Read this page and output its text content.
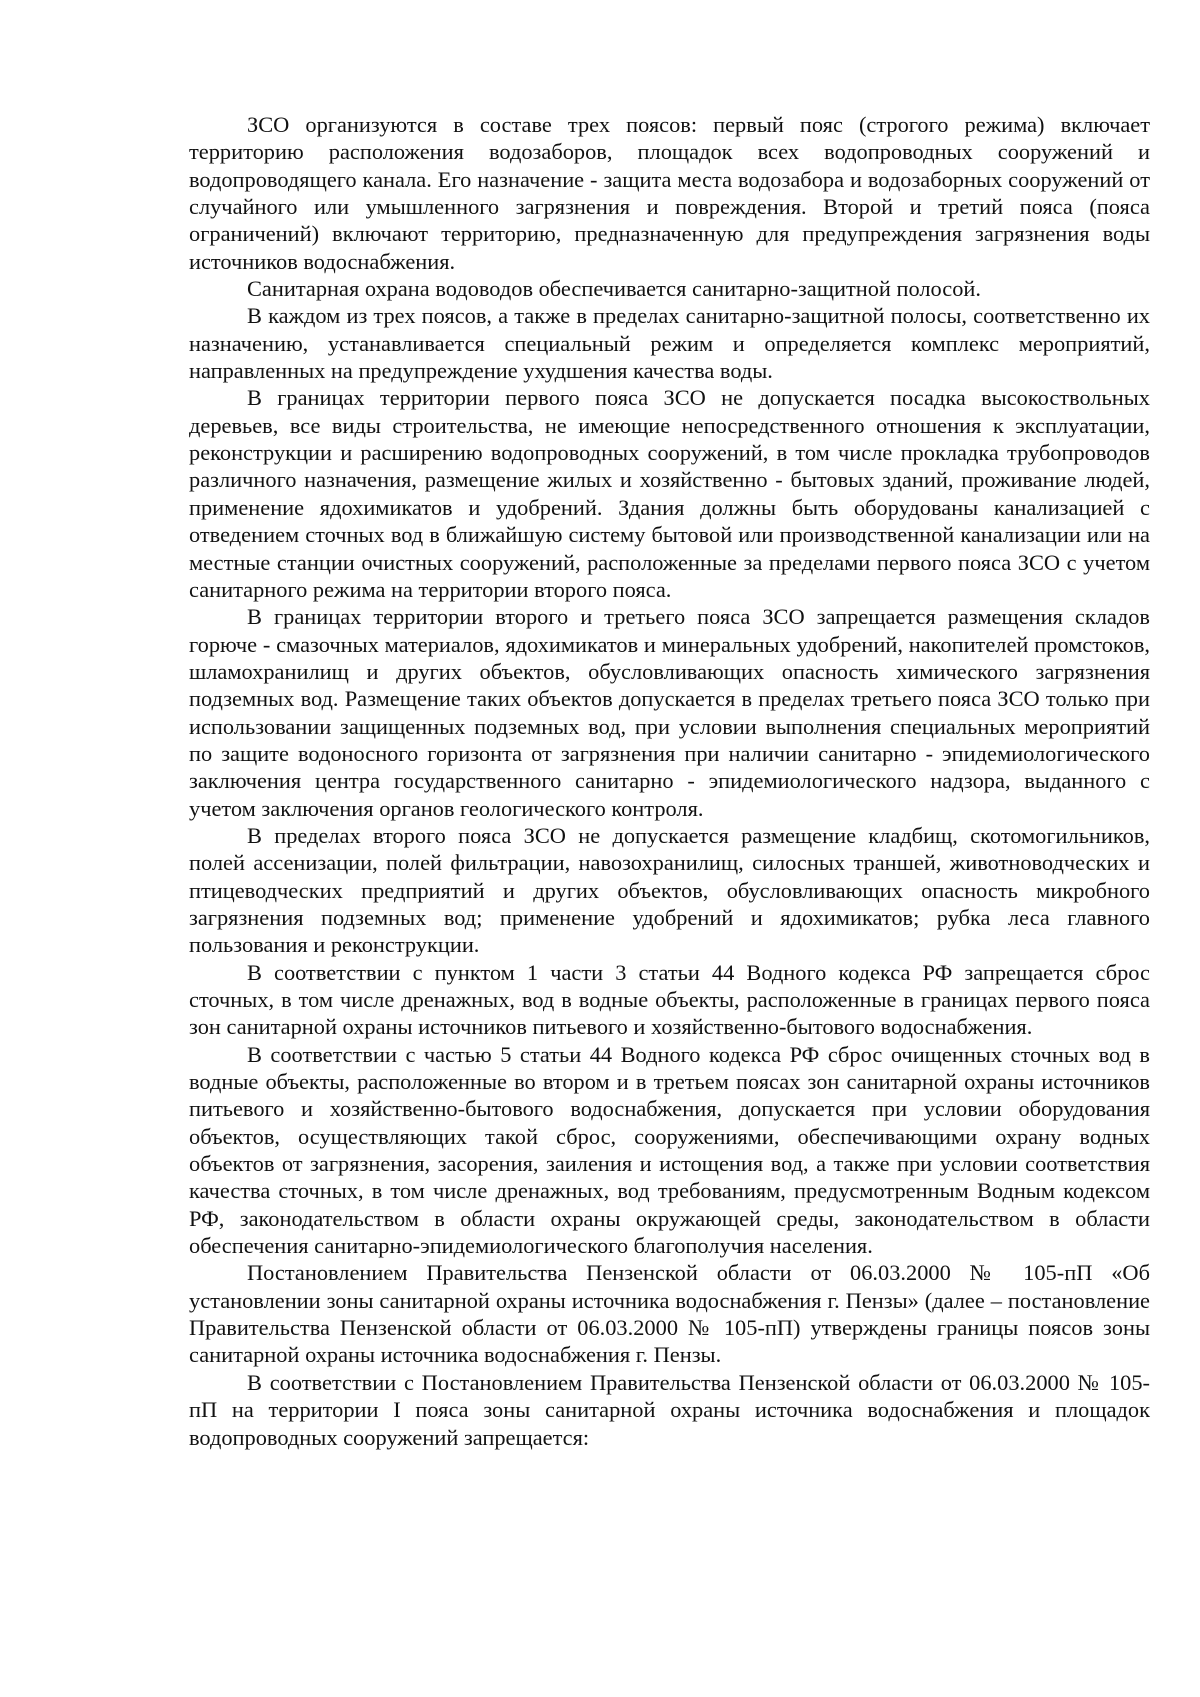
ЗСО организуются в составе трех поясов: первый пояс (строгого режима) включает территорию расположения водозаборов, площадок всех водопроводных сооружений и водопроводящего канала. Его назначение - защита места водозабора и водозаборных сооружений от случайного или умышленного загрязнения и повреждения. Второй и третий пояса (пояса ограничений) включают территорию, предназначенную для предупреждения загрязнения воды источников водоснабжения.

Санитарная охрана водоводов обеспечивается санитарно-защитной полосой.

В каждом из трех поясов, а также в пределах санитарно-защитной полосы, соответственно их назначению, устанавливается специальный режим и определяется комплекс мероприятий, направленных на предупреждение ухудшения качества воды.

В границах территории первого пояса ЗСО не допускается посадка высокоствольных деревьев, все виды строительства, не имеющие непосредственного отношения к эксплуатации, реконструкции и расширению водопроводных сооружений, в том числе прокладка трубопроводов различного назначения, размещение жилых и хозяйственно - бытовых зданий, проживание людей, применение ядохимикатов и удобрений. Здания должны быть оборудованы канализацией с отведением сточных вод в ближайшую систему бытовой или производственной канализации или на местные станции очистных сооружений, расположенные за пределами первого пояса ЗСО с учетом санитарного режима на территории второго пояса.

В границах территории второго и третьего пояса ЗСО запрещается размещения складов горюче - смазочных материалов, ядохимикатов и минеральных удобрений, накопителей промстоков, шламохранилищ и других объектов, обусловливающих опасность химического загрязнения подземных вод. Размещение таких объектов допускается в пределах третьего пояса ЗСО только при использовании защищенных подземных вод, при условии выполнения специальных мероприятий по защите водоносного горизонта от загрязнения при наличии санитарно - эпидемиологического заключения центра государственного санитарно - эпидемиологического надзора, выданного с учетом заключения органов геологического контроля.

В пределах второго пояса ЗСО не допускается размещение кладбищ, скотомогильников, полей ассенизации, полей фильтрации, навозохранилищ, силосных траншей, животноводческих и птицеводческих предприятий и других объектов, обусловливающих опасность микробного загрязнения подземных вод; применение удобрений и ядохимикатов; рубка леса главного пользования и реконструкции.

В соответствии с пунктом 1 части 3 статьи 44 Водного кодекса РФ запрещается сброс сточных, в том числе дренажных, вод в водные объекты, расположенные в границах первого пояса зон санитарной охраны источников питьевого и хозяйственно-бытового водоснабжения.

В соответствии с частью 5 статьи 44 Водного кодекса РФ сброс очищенных сточных вод в водные объекты, расположенные во втором и в третьем поясах зон санитарной охраны источников питьевого и хозяйственно-бытового водоснабжения, допускается при условии оборудования объектов, осуществляющих такой сброс, сооружениями, обеспечивающими охрану водных объектов от загрязнения, засорения, заиления и истощения вод, а также при условии соответствия качества сточных, в том числе дренажных, вод требованиям, предусмотренным Водным кодексом РФ, законодательством в области охраны окружающей среды, законодательством в области обеспечения санитарно-эпидемиологического благополучия населения.

Постановлением Правительства Пензенской области от 06.03.2000 № 105-пП «Об установлении зоны санитарной охраны источника водоснабжения г. Пензы» (далее – постановление Правительства Пензенской области от 06.03.2000 № 105-пП) утверждены границы поясов зоны санитарной охраны источника водоснабжения г. Пензы.

В соответствии с Постановлением Правительства Пензенской области от 06.03.2000 № 105-пП на территории I пояса зоны санитарной охраны источника водоснабжения и площадок водопроводных сооружений запрещается:
